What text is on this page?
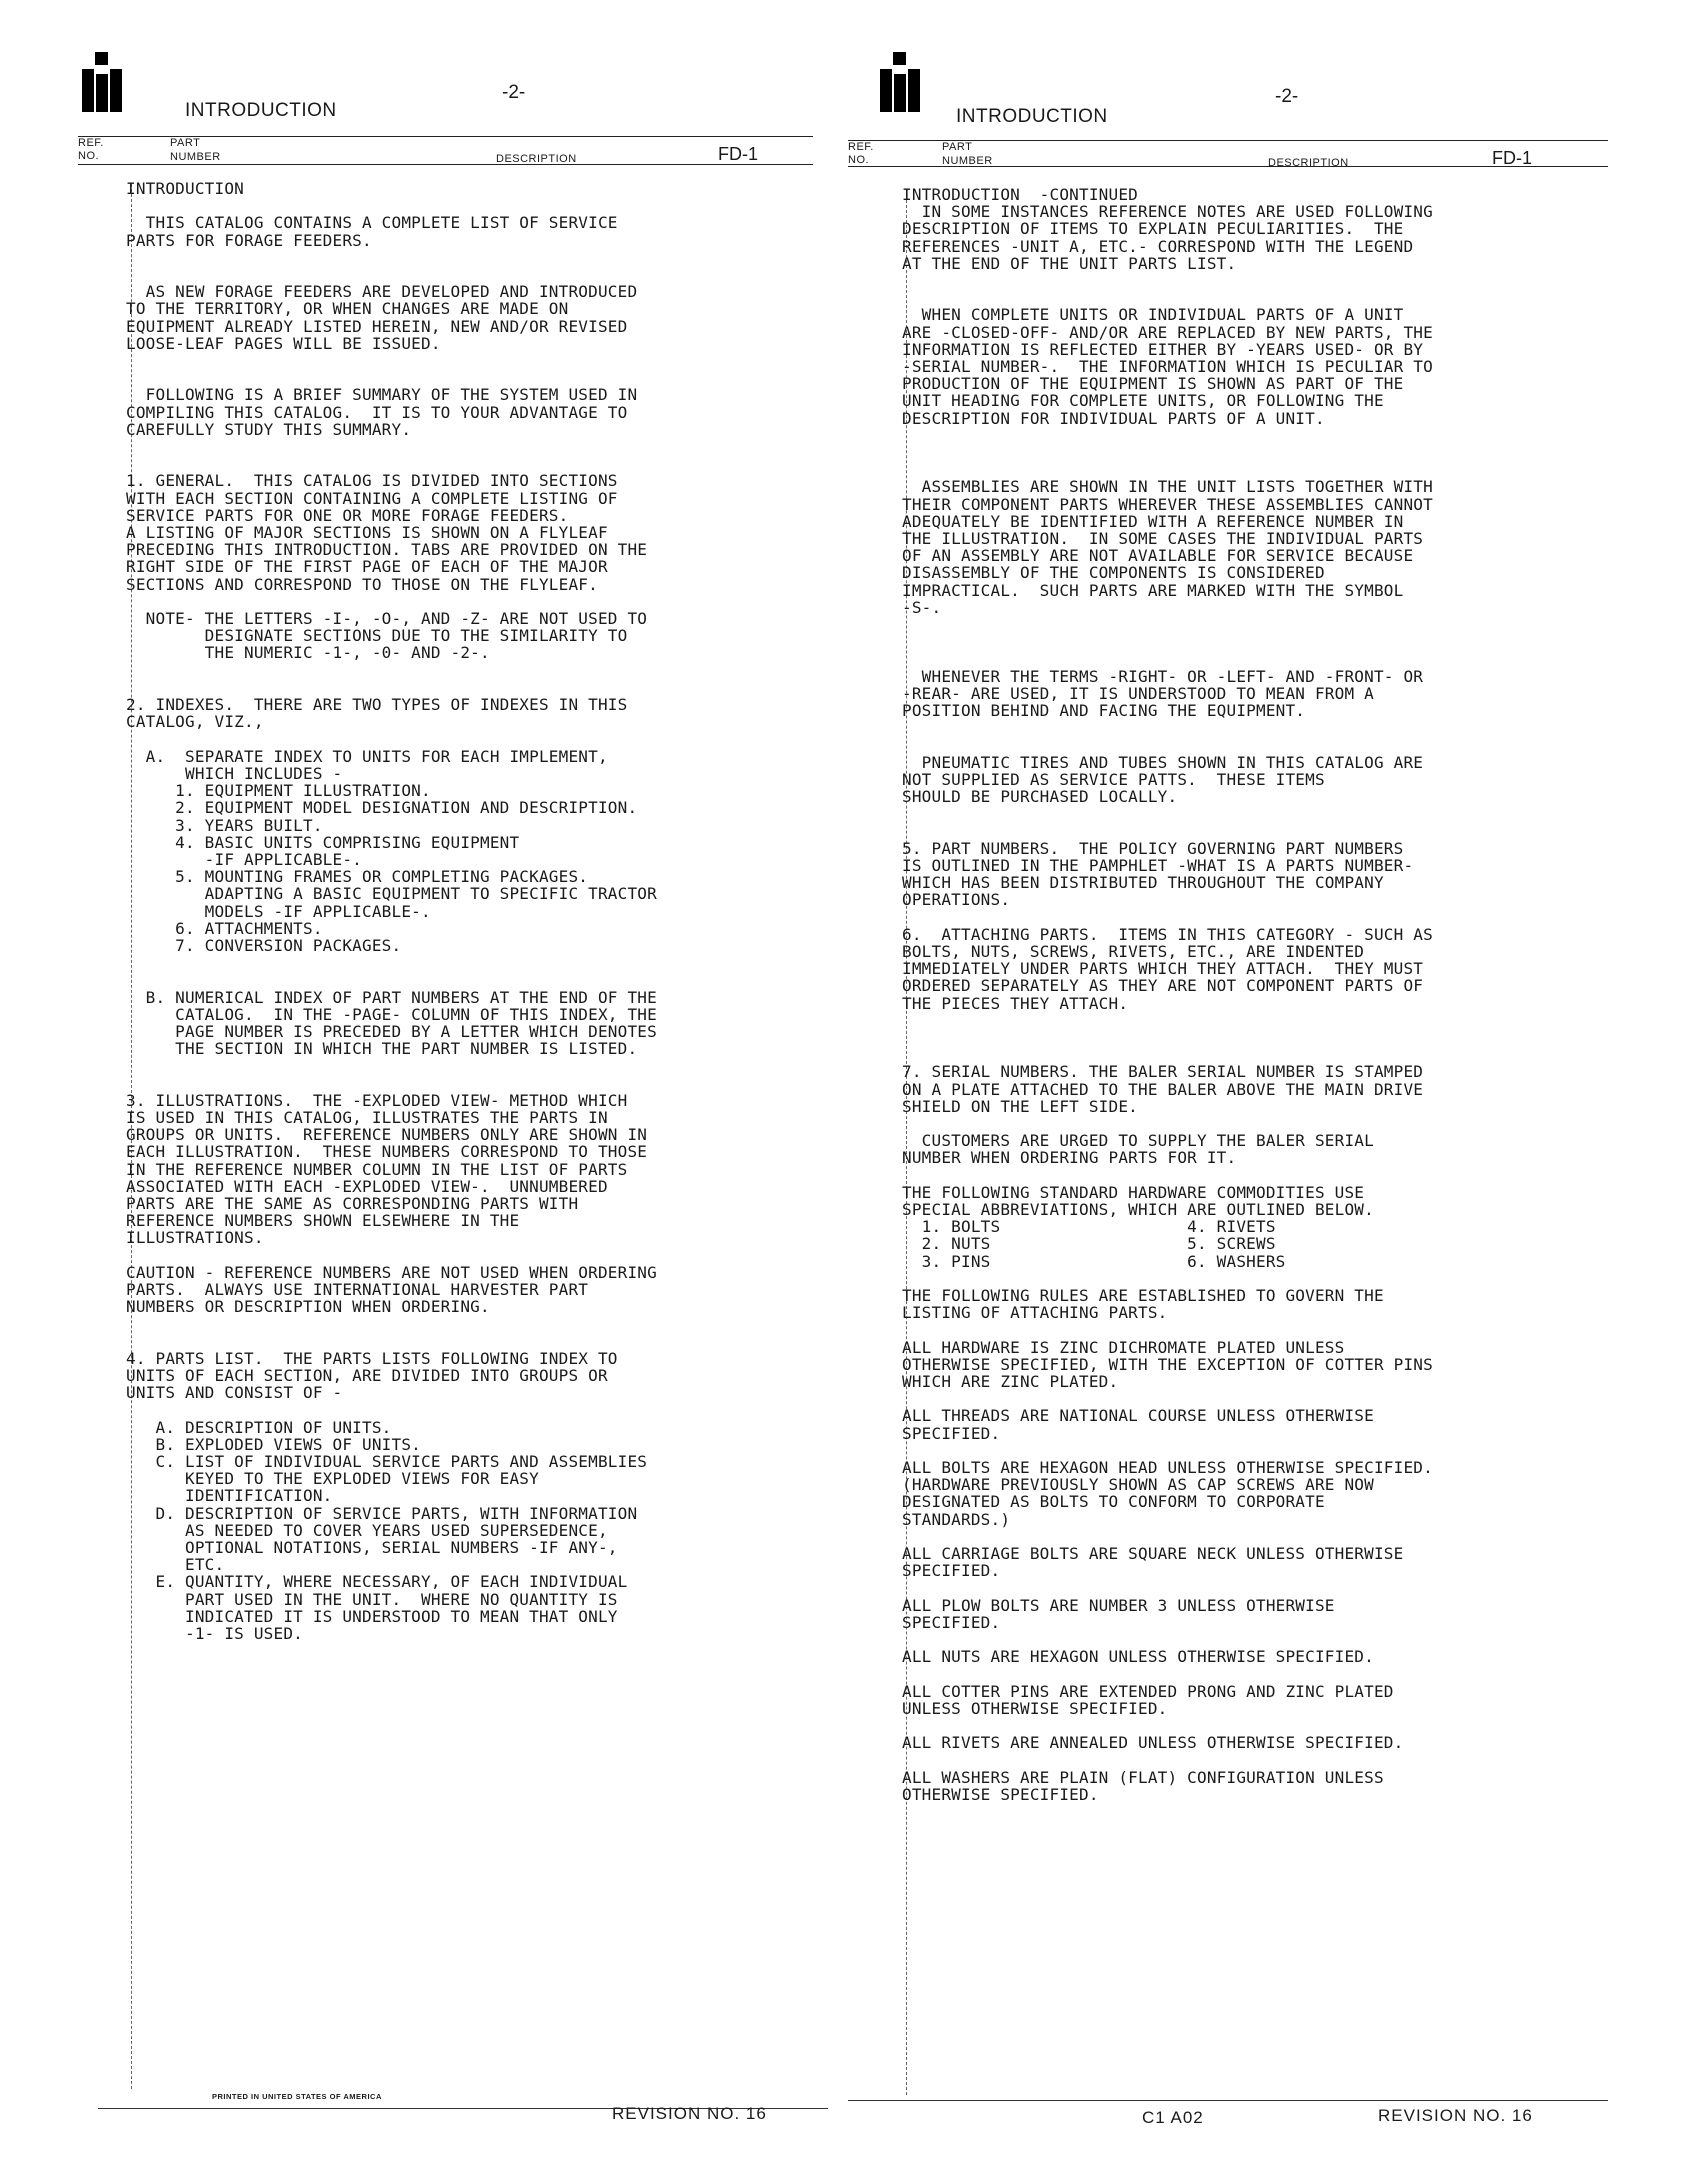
-2-
INTRODUCTION
REF.
NO.
PART
NUMBER	DESCRIPTION	FD-1
INTRODUCTION

THIS CATALOG CONTAINS A COMPLETE LIST OF SERVICE
PARTS FOR FORAGE FEEDERS.

AS NEW FORAGE FEEDERS ARE DEVELOPED AND INTRODUCED
TO THE TERRITORY, OR WHEN CHANGES ARE MADE ON
EQUIPMENT ALREADY LISTED HEREIN, NEW AND/OR REVISED
LOOSE-LEAF PAGES WILL BE ISSUED.

FOLLOWING IS A BRIEF SUMMARY OF THE SYSTEM USED IN
COMPILING THIS CATALOG.  IT IS TO YOUR ADVANTAGE TO
CAREFULLY STUDY THIS SUMMARY.

1. GENERAL.  THIS CATALOG IS DIVIDED INTO SECTIONS
WITH EACH SECTION CONTAINING A COMPLETE LISTING OF
SERVICE PARTS FOR ONE OR MORE FORAGE FEEDERS.
A LISTING OF MAJOR SECTIONS IS SHOWN ON A FLYLEAF
PRECEDING THIS INTRODUCTION. TABS ARE PROVIDED ON THE
RIGHT SIDE OF THE FIRST PAGE OF EACH OF THE MAJOR
SECTIONS AND CORRESPOND TO THOSE ON THE FLYLEAF.

NOTE- THE LETTERS -I-, -O-, AND -Z- ARE NOT USED TO
DESIGNATE SECTIONS DUE TO THE SIMILARITY TO
THE NUMERIC -1-, -0- AND -2-.

2. INDEXES.  THERE ARE TWO TYPES OF INDEXES IN THIS
CATALOG, VIZ.,

A.  SEPARATE INDEX TO UNITS FOR EACH IMPLEMENT,
WHICH INCLUDES -
1. EQUIPMENT ILLUSTRATION.
2. EQUIPMENT MODEL DESIGNATION AND DESCRIPTION.
3. YEARS BUILT.
4. BASIC UNITS COMPRISING EQUIPMENT
-IF APPLICABLE-.
5. MOUNTING FRAMES OR COMPLETING PACKAGES.
ADAPTING A BASIC EQUIPMENT TO SPECIFIC TRACTOR
MODELS -IF APPLICABLE-.
6. ATTACHMENTS.
7. CONVERSION PACKAGES.

B. NUMERICAL INDEX OF PART NUMBERS AT THE END OF THE
CATALOG.  IN THE -PAGE- COLUMN OF THIS INDEX, THE
PAGE NUMBER IS PRECEDED BY A LETTER WHICH DENOTES
THE SECTION IN WHICH THE PART NUMBER IS LISTED.

3. ILLUSTRATIONS.  THE -EXPLODED VIEW- METHOD WHICH
IS USED IN THIS CATALOG, ILLUSTRATES THE PARTS IN
GROUPS OR UNITS.  REFERENCE NUMBERS ONLY ARE SHOWN IN
EACH ILLUSTRATION.  THESE NUMBERS CORRESPOND TO THOSE
IN THE REFERENCE NUMBER COLUMN IN THE LIST OF PARTS
ASSOCIATED WITH EACH -EXPLODED VIEW-.  UNNUMBERED
PARTS ARE THE SAME AS CORRESPONDING PARTS WITH
REFERENCE NUMBERS SHOWN ELSEWHERE IN THE
ILLUSTRATIONS.

CAUTION - REFERENCE NUMBERS ARE NOT USED WHEN ORDERING
PARTS.  ALWAYS USE INTERNATIONAL HARVESTER PART
NUMBERS OR DESCRIPTION WHEN ORDERING.

4. PARTS LIST.  THE PARTS LISTS FOLLOWING INDEX TO
UNITS OF EACH SECTION, ARE DIVIDED INTO GROUPS OR
UNITS AND CONSIST OF -

A. DESCRIPTION OF UNITS.
B. EXPLODED VIEWS OF UNITS.
C. LIST OF INDIVIDUAL SERVICE PARTS AND ASSEMBLIES
KEYED TO THE EXPLODED VIEWS FOR EASY
IDENTIFICATION.
D. DESCRIPTION OF SERVICE PARTS, WITH INFORMATION
AS NEEDED TO COVER YEARS USED SUPERSEDENCE,
OPTIONAL NOTATIONS, SERIAL NUMBERS -IF ANY-,
ETC.
E. QUANTITY, WHERE NECESSARY, OF EACH INDIVIDUAL
PART USED IN THE UNIT.  WHERE NO QUANTITY IS
INDICATED IT IS UNDERSTOOD TO MEAN THAT ONLY
-1- IS USED.
PRINTED IN UNITED STATES OF AMERICA
REVISION NO. 16
-2-
INTRODUCTION
REF.
NO.
PART
NUMBER	DESCRIPTION	FD-1
INTRODUCTION  -CONTINUED
IN SOME INSTANCES REFERENCE NOTES ARE USED FOLLOWING
DESCRIPTION OF ITEMS TO EXPLAIN PECULIARITIES.  THE
REFERENCES -UNIT A, ETC.- CORRESPOND WITH THE LEGEND
AT THE END OF THE UNIT PARTS LIST.

WHEN COMPLETE UNITS OR INDIVIDUAL PARTS OF A UNIT
ARE -CLOSED-OFF- AND/OR ARE REPLACED BY NEW PARTS, THE
INFORMATION IS REFLECTED EITHER BY -YEARS USED- OR BY
-SERIAL NUMBER-.  THE INFORMATION WHICH IS PECULIAR TO
PRODUCTION OF THE EQUIPMENT IS SHOWN AS PART OF THE
UNIT HEADING FOR COMPLETE UNITS, OR FOLLOWING THE
DESCRIPTION FOR INDIVIDUAL PARTS OF A UNIT.

ASSEMBLIES ARE SHOWN IN THE UNIT LISTS TOGETHER WITH
THEIR COMPONENT PARTS WHEREVER THESE ASSEMBLIES CANNOT
ADEQUATELY BE IDENTIFIED WITH A REFERENCE NUMBER IN
THE ILLUSTRATION.  IN SOME CASES THE INDIVIDUAL PARTS
OF AN ASSEMBLY ARE NOT AVAILABLE FOR SERVICE BECAUSE
DISASSEMBLY OF THE COMPONENTS IS CONSIDERED
IMPRACTICAL.  SUCH PARTS ARE MARKED WITH THE SYMBOL
-S-.

WHENEVER THE TERMS -RIGHT- OR -LEFT- AND -FRONT- OR
-REAR- ARE USED, IT IS UNDERSTOOD TO MEAN FROM A
POSITION BEHIND AND FACING THE EQUIPMENT.

PNEUMATIC TIRES AND TUBES SHOWN IN THIS CATALOG ARE
NOT SUPPLIED AS SERVICE PATTS.  THESE ITEMS
SHOULD BE PURCHASED LOCALLY.

5. PART NUMBERS.  THE POLICY GOVERNING PART NUMBERS
IS OUTLINED IN THE PAMPHLET -WHAT IS A PARTS NUMBER-
WHICH HAS BEEN DISTRIBUTED THROUGHOUT THE COMPANY
OPERATIONS.

6.  ATTACHING PARTS.  ITEMS IN THIS CATEGORY - SUCH AS
BOLTS, NUTS, SCREWS, RIVETS, ETC., ARE INDENTED
IMMEDIATELY UNDER PARTS WHICH THEY ATTACH.  THEY MUST
ORDERED SEPARATELY AS THEY ARE NOT COMPONENT PARTS OF
THE PIECES THEY ATTACH.

7. SERIAL NUMBERS. THE BALER SERIAL NUMBER IS STAMPED
ON A PLATE ATTACHED TO THE BALER ABOVE THE MAIN DRIVE
SHIELD ON THE LEFT SIDE.

CUSTOMERS ARE URGED TO SUPPLY THE BALER SERIAL
NUMBER WHEN ORDERING PARTS FOR IT.

THE FOLLOWING STANDARD HARDWARE COMMODITIES USE
SPECIAL ABBREVIATIONS, WHICH ARE OUTLINED BELOW.
1. BOLTS                   4. RIVETS
2. NUTS                    5. SCREWS
3. PINS                    6. WASHERS

THE FOLLOWING RULES ARE ESTABLISHED TO GOVERN THE
LISTING OF ATTACHING PARTS.

ALL HARDWARE IS ZINC DICHROMATE PLATED UNLESS
OTHERWISE SPECIFIED, WITH THE EXCEPTION OF COTTER PINS
WHICH ARE ZINC PLATED.

ALL THREADS ARE NATIONAL COURSE UNLESS OTHERWISE
SPECIFIED.

ALL BOLTS ARE HEXAGON HEAD UNLESS OTHERWISE SPECIFIED.
(HARDWARE PREVIOUSLY SHOWN AS CAP SCREWS ARE NOW
DESIGNATED AS BOLTS TO CONFORM TO CORPORATE
STANDARDS.)

ALL CARRIAGE BOLTS ARE SQUARE NECK UNLESS OTHERWISE
SPECIFIED.

ALL PLOW BOLTS ARE NUMBER 3 UNLESS OTHERWISE
SPECIFIED.

ALL NUTS ARE HEXAGON UNLESS OTHERWISE SPECIFIED.

ALL COTTER PINS ARE EXTENDED PRONG AND ZINC PLATED
UNLESS OTHERWISE SPECIFIED.

ALL RIVETS ARE ANNEALED UNLESS OTHERWISE SPECIFIED.

ALL WASHERS ARE PLAIN (FLAT) CONFIGURATION UNLESS
OTHERWISE SPECIFIED.
C1 A02	REVISION NO. 16
